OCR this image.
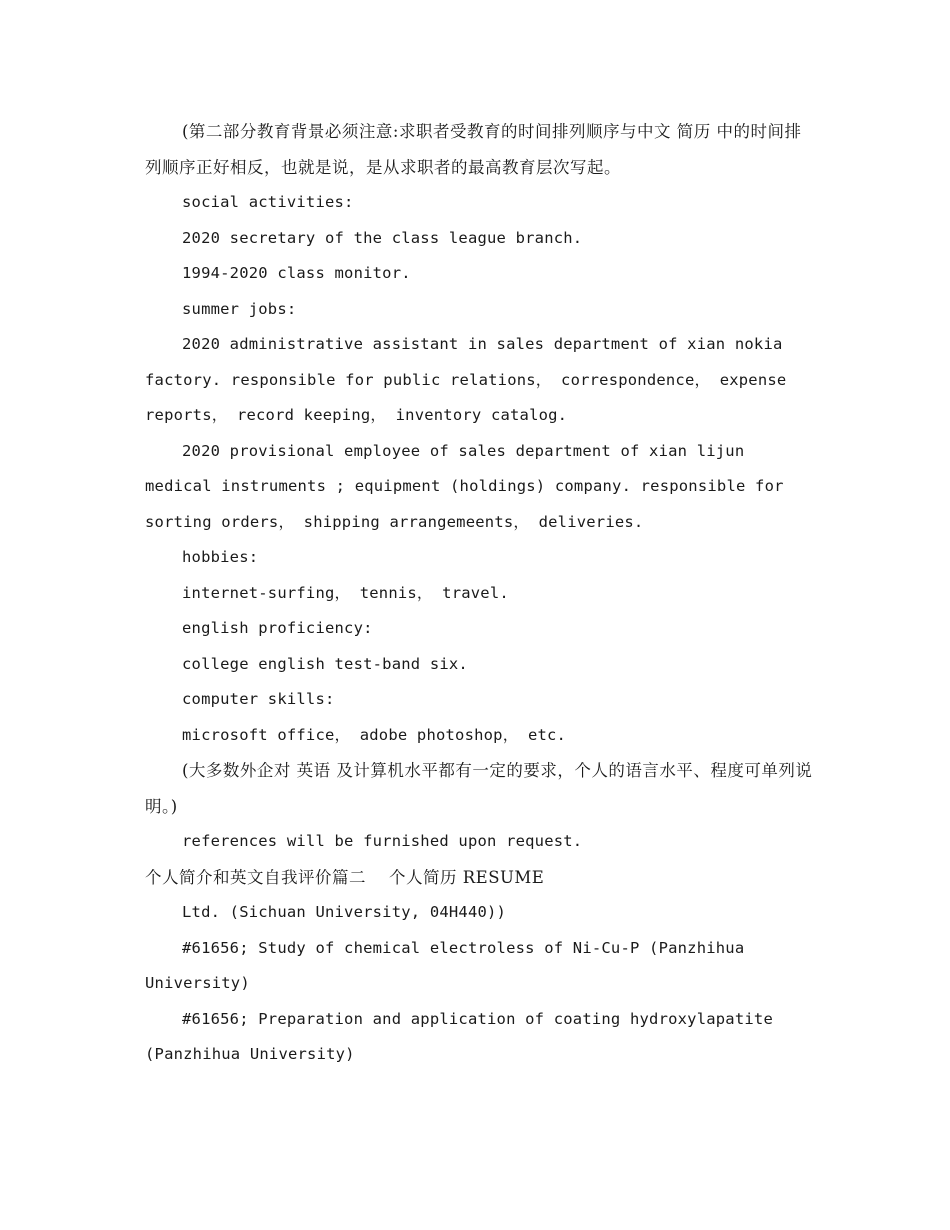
(第二部分教育背景必须注意:求职者受教育的时间排列顺序与中文 简历 中的时间排列顺序正好相反，也就是说，是从求职者的最高教育层次写起。

social activities:

2020 secretary of the class league branch.

1994-2020 class monitor.

summer jobs:

2020 administrative assistant in sales department of xian nokia factory. responsible for public relations， correspondence， expense reports， record keeping， inventory catalog.

2020 provisional employee of sales department of xian lijun medical instruments ; equipment (holdings) company. responsible for sorting orders， shipping arrangemeents， deliveries.

hobbies:

internet-surfing， tennis， travel.

english proficiency:

college english test-band six.

computer skills:

microsoft office， adobe photoshop， etc.

(大多数外企对 英语 及计算机水平都有一定的要求，个人的语言水平、程度可单列说明。)

references will be furnished upon request.

个人简介和英文自我评价篇二    个人简历 RESUME

Ltd. (Sichuan University, 04H440))

#61656; Study of chemical electroless of Ni-Cu-P (Panzhihua University)

#61656; Preparation and application of coating hydroxylapatite (Panzhihua University)
